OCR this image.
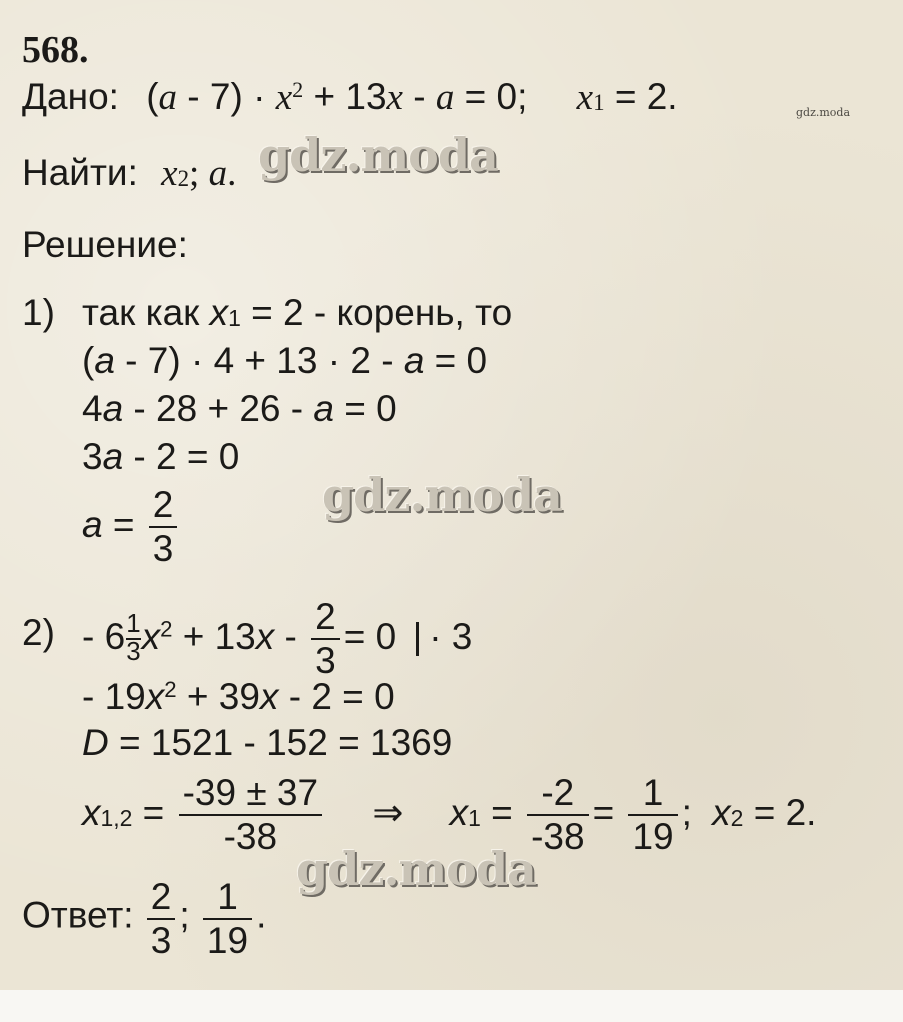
568.
Дано: $(a - 7) \cdot x^2 + 13x - a = 0$; x1 = 2.
Найти: x2; a.
Решение:
1) так как x1 = 2 - корень, то
(a - 7) · 4 + 13 · 2 - a = 0
4a - 28 + 26 - a = 0
3a - 2 = 0
$a = \frac{2}{3}$
$2) - 6 \frac{1}{3} x^2 + 13x - \frac{2}{3} = 0 \cdot 3$
- $19x^2 + 39x - 2 = 0$
D = 1521 - 152 = 1369
$x1,2 = \frac{-39 \pm 37}{-38}$ ⇒ $x1 = \frac{-2}{-38} = \frac{1}{19}$ ; x2 = 2.
Ответ: $\frac{2}{3}$ ; $\frac{1}{19}$ .
gdz.moda
gdz.moda
gdz.moda
gdz.moda
